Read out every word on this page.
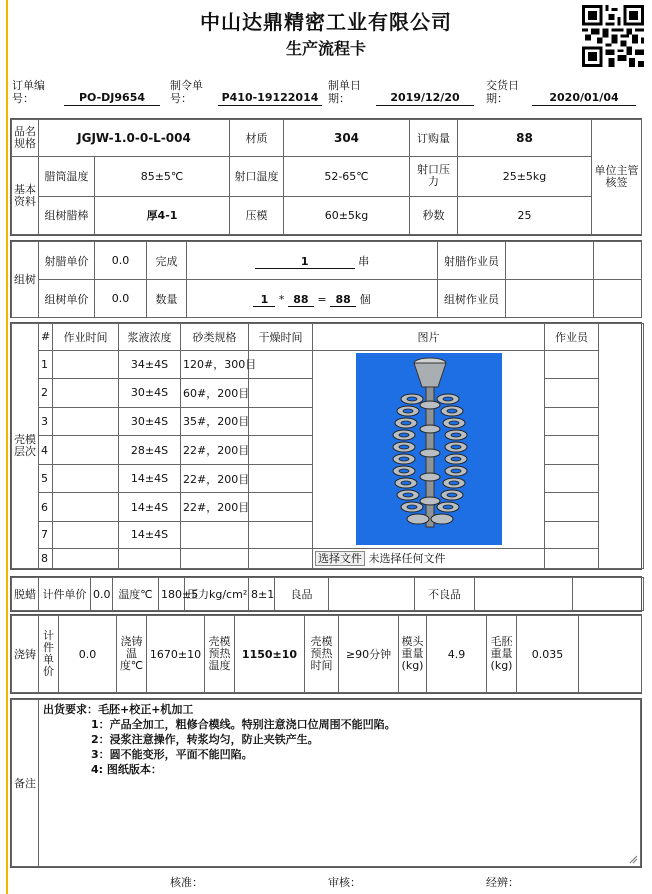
中山达鼎精密工业有限公司
生产流程卡
订单编号：	PO-DJ9654
制令单号：	P410-19122014
制单日期：	2019/12/20
交货日期：	2020/01/04
品名规格	JGJW-1.0-0-L-004		材质	304	订购量	88	单位主管核签
基本资料	腊筒温度	85±5℃	射口温度	52-65℃	射口压力	25±5kg	
	组树腊棒	厚4-1	压模	60±5kg	秒数	25	
组树	射腊单价	0.0	完成	1 串	射腊作业员		
	组树单价	0.0	数量	1 * 88 = 88 個	组树作业员		
壳模层次	#	作业时间	浆液浓度	砂类规格	干燥时间	图片	作业员	
	1		34±4S	120#，300目		

	2		30±4S	60#，200目				
	3		30±4S	35#，200目				
	4		28±4S	22#，200目				
	5		14±4S	22#，200目				
	6		14±4S	22#，200目				
	7		14±4S					
	8					选择文件 未选择任何文件		
脱蜡	计件单价	0.0	温度℃	180±5	压力kg/cm²	8±1	良品		不良品		
浇铸	计件单价	0.0	浇铸温度℃	1670±10	壳模预热温度	1150±10	壳模预热时间	≥90分钟	模头重量(kg)	4.9	毛胚重量(kg)	0.035	
备注	
出货要求：毛胚+校正+机加工
1：产品全加工，粗修合模线。特别注意浇口位周围不能凹陷。
2：浸浆注意操作，转浆均匀，防止夹铁产生。
3：圆不能变形，平面不能凹陷。
4: 图纸版本：
核准：	审核：	经辨：
